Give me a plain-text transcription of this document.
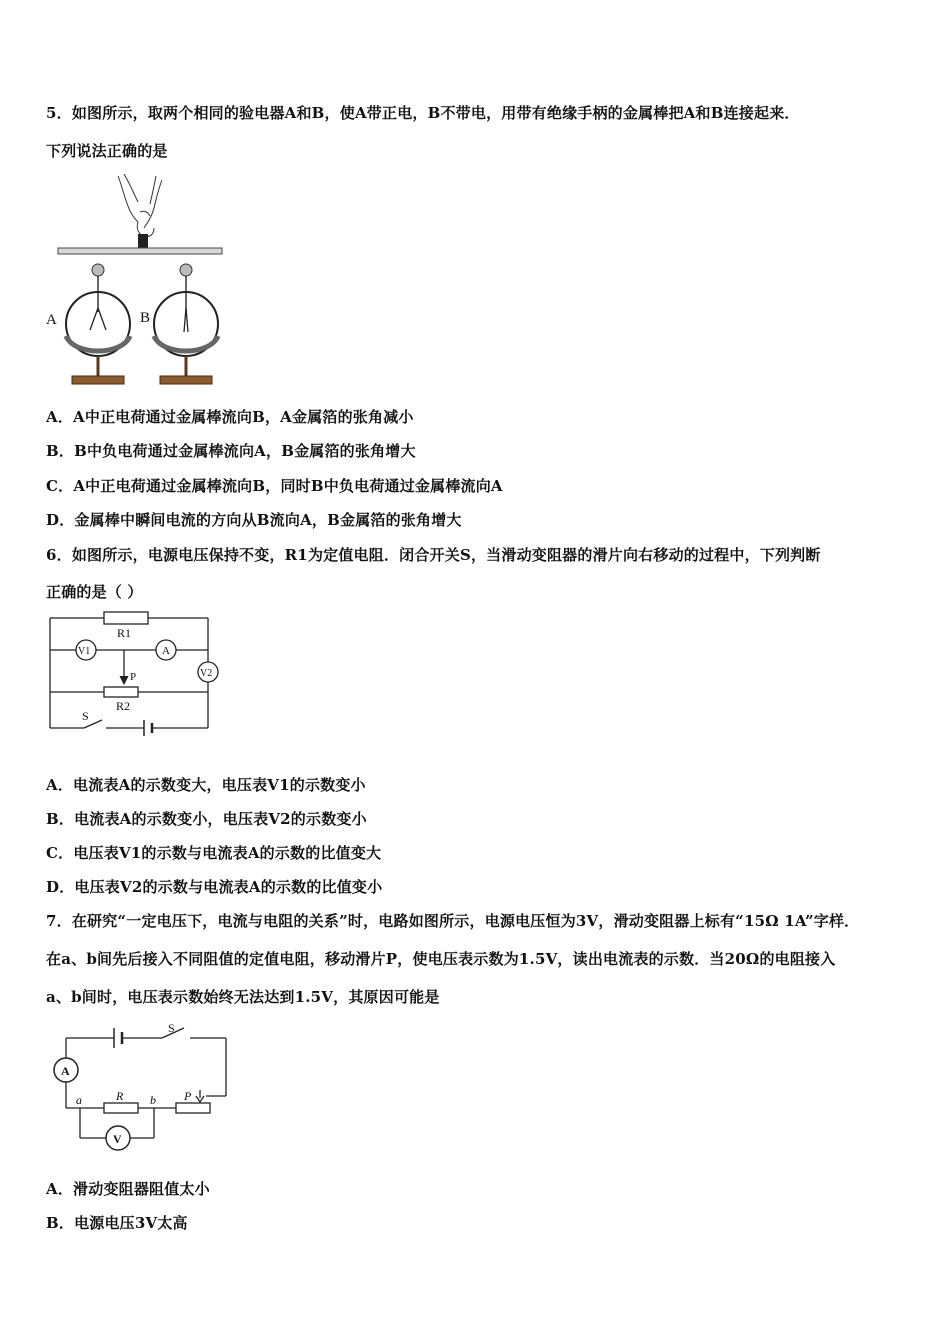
5．如图所示，取两个相同的验电器A和B，使A带正电，B不带电，用带有绝缘手柄的金属棒把A和B连接起来．
下列说法正确的是
A	B
A．A中正电荷通过金属棒流向B，A金属箔的张角减小
B．B中负电荷通过金属棒流向A，B金属箔的张角增大
C．A中正电荷通过金属棒流向B，同时B中负电荷通过金属棒流向A
D．金属棒中瞬间电流的方向从B流向A，B金属箔的张角增大
6．如图所示，电源电压保持不变，R1为定值电阻．闭合开关S，当滑动变阻器的滑片向右移动的过程中，下列判断
正确的是（ ）
R1
V1	A
V2
P
R2
S
A．电流表A的示数变大，电压表V1的示数变小
B．电流表A的示数变小，电压表V2的示数变小
C．电压表V1的示数与电流表A的示数的比值变大
D．电压表V2的示数与电流表A的示数的比值变小
7．在研究“一定电压下，电流与电阻的关系”时，电路如图所示，电源电压恒为3V，滑动变阻器上标有“15Ω 1A”字样．
在a、b间先后接入不同阻值的定值电阻，移动滑片P，使电压表示数为1.5V，读出电流表的示数．当20Ω的电阻接入
a、b间时，电压表示数始终无法达到1.5V，其原因可能是
S
A
a	R b P
V
A．滑动变阻器阻值太小
B．电源电压3V太高
